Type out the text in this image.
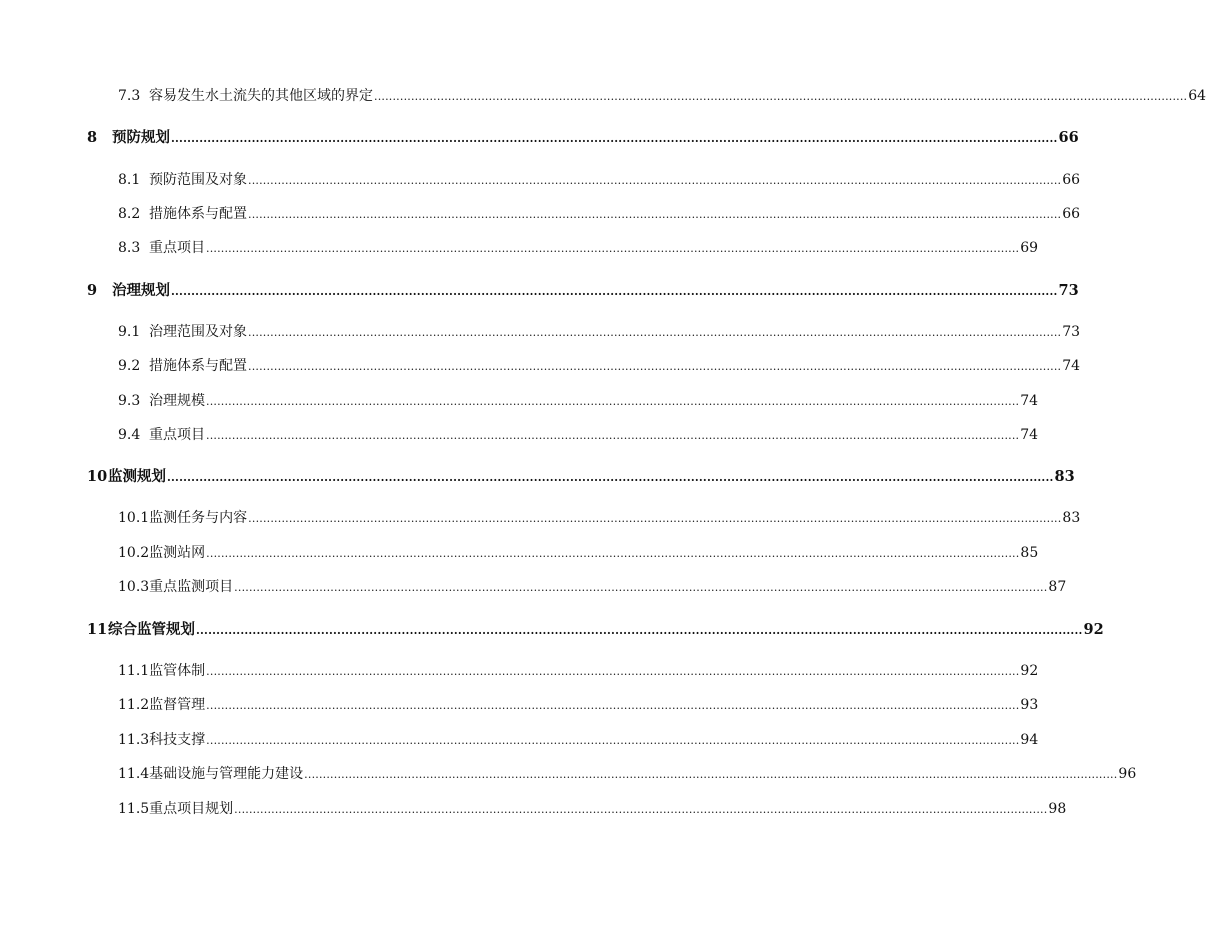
7.3 容易发生水土流失的其他区域的界定 ............................................................................................................................................................................................................................ 64
8	预防规划 ............................................................................................................................................................................................................................ 66
8.1 预防范围及对象 ............................................................................................................................................................................................................................ 66
8.2 措施体系与配置 ............................................................................................................................................................................................................................ 66
8.3 重点项目 ............................................................................................................................................................................................................................ 69
9	治理规划 ............................................................................................................................................................................................................................ 73
9.1 治理范围及对象 ............................................................................................................................................................................................................................ 73
9.2 措施体系与配置 ............................................................................................................................................................................................................................ 74
9.3 治理规模 ............................................................................................................................................................................................................................ 74
9.4 重点项目 ............................................................................................................................................................................................................................ 74
10 监测规划 ............................................................................................................................................................................................................................ 83
10.1 监测任务与内容 ............................................................................................................................................................................................................................ 83
10.2 监测站网 ............................................................................................................................................................................................................................ 85
10.3 重点监测项目 ............................................................................................................................................................................................................................ 87
11 综合监管规划 ............................................................................................................................................................................................................................ 92
11.1 监管体制 ............................................................................................................................................................................................................................ 92
11.2 监督管理 ............................................................................................................................................................................................................................ 93
11.3 科技支撑 ............................................................................................................................................................................................................................ 94
11.4 基础设施与管理能力建设 ............................................................................................................................................................................................................................ 96
11.5 重点项目规划 ............................................................................................................................................................................................................................ 98
